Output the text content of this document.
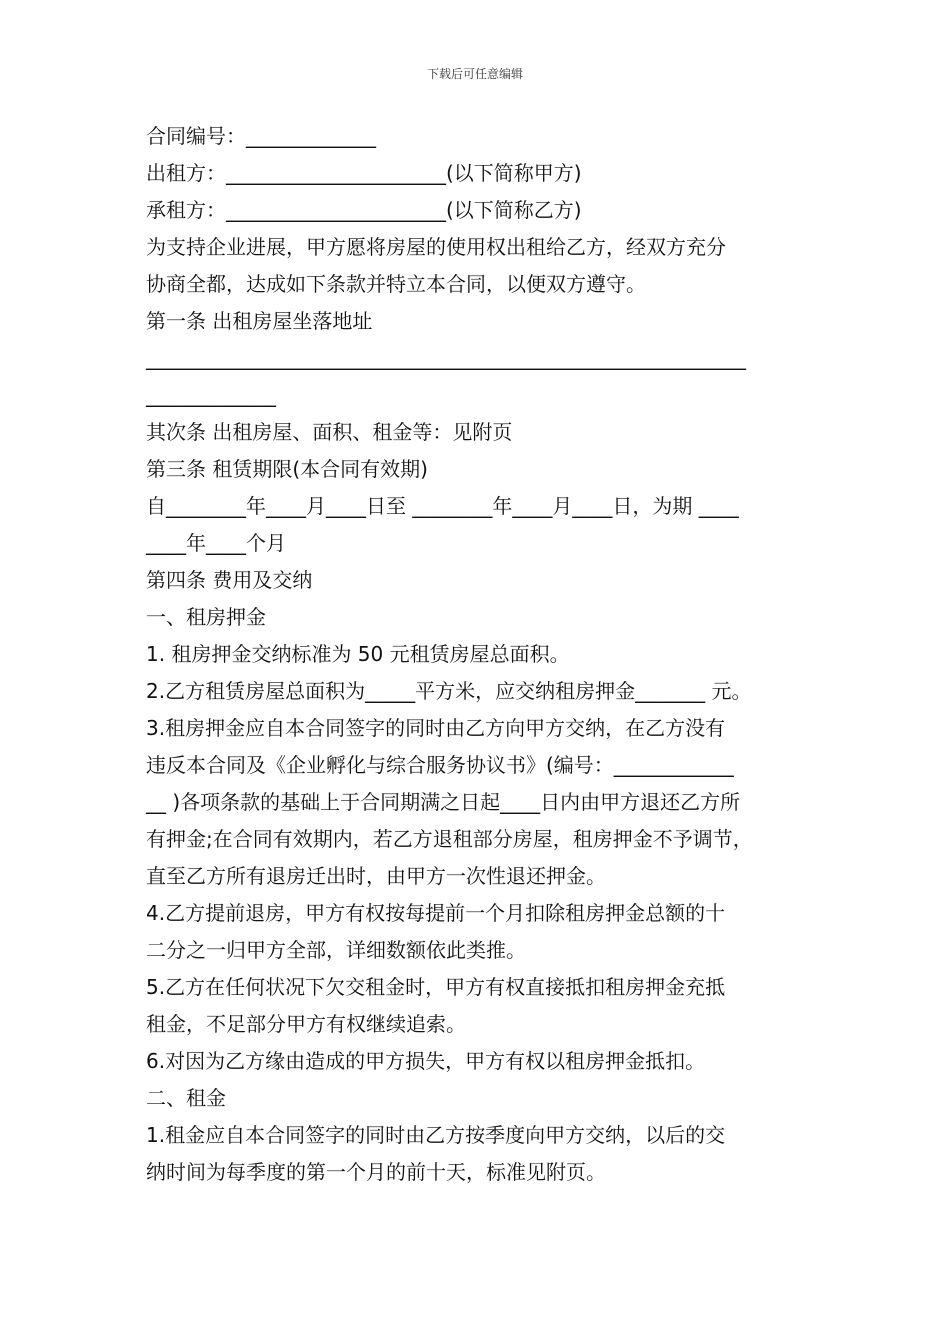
下载后可任意编辑
合同编号：_____________
出租方：______________________(以下简称甲方)
承租方：______________________(以下简称乙方)
为支持企业进展，甲方愿将房屋的使用权出租给乙方，经双方充分
协商全都，达成如下条款并特立本合同，以便双方遵守。
第一条 出租房屋坐落地址
____________________________________________________________
_____________
其次条 出租房屋、面积、租金等：见附页
第三条 租赁期限(本合同有效期)
自________年____月____日至 ________年____月____日，为期 ____
____年____个月
第四条 费用及交纳
一、租房押金
1. 租房押金交纳标准为 50 元租赁房屋总面积。
2.乙方租赁房屋总面积为_____平方米，应交纳租房押金_______ 元。
3.租房押金应自本合同签字的同时由乙方向甲方交纳，在乙方没有
违反本合同及《企业孵化与综合服务协议书》(编号：____________
__ )各项条款的基础上于合同期满之日起____日内由甲方退还乙方所
有押金;在合同有效期内，若乙方退租部分房屋，租房押金不予调节，
直至乙方所有退房迁出时，由甲方一次性退还押金。
4.乙方提前退房，甲方有权按每提前一个月扣除租房押金总额的十
二分之一归甲方全部，详细数额依此类推。
5.乙方在任何状况下欠交租金时，甲方有权直接抵扣租房押金充抵
租金，不足部分甲方有权继续追索。
6.对因为乙方缘由造成的甲方损失，甲方有权以租房押金抵扣。
二、租金
1.租金应自本合同签字的同时由乙方按季度向甲方交纳，以后的交
纳时间为每季度的第一个月的前十天，标准见附页。
